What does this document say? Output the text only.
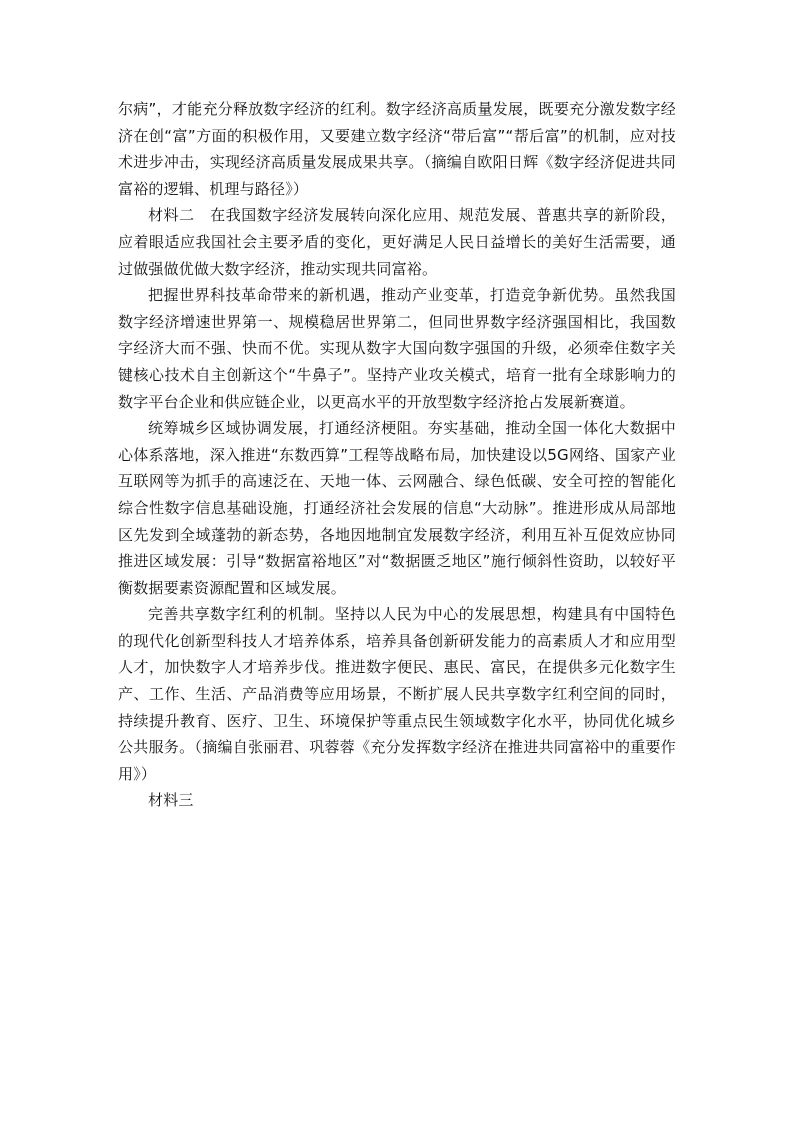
尔病”，才能充分释放数字经济的红利。数字经济高质量发展，既要充分激发数字经济在创“富”方面的积极作用，又要建立数字经济“带后富”“帮后富”的机制，应对技术进步冲击，实现经济高质量发展成果共享。（摘编自欧阳日辉《数字经济促进共同富裕的逻辑、机理与路径》）

材料二　在我国数字经济发展转向深化应用、规范发展、普惠共享的新阶段，应着眼适应我国社会主要矛盾的变化，更好满足人民日益增长的美好生活需要，通过做强做优做大数字经济，推动实现共同富裕。

把握世界科技革命带来的新机遇，推动产业变革，打造竞争新优势。虽然我国数字经济增速世界第一、规模稳居世界第二，但同世界数字经济强国相比，我国数字经济大而不强、快而不优。实现从数字大国向数字强国的升级，必须牵住数字关键核心技术自主创新这个“牛鼻子”。坚持产业攻关模式，培育一批有全球影响力的数字平台企业和供应链企业，以更高水平的开放型数字经济抢占发展新赛道。

统筹城乡区域协调发展，打通经济梗阻。夯实基础，推动全国一体化大数据中心体系落地，深入推进“东数西算”工程等战略布局，加快建设以5G网络、国家产业互联网等为抓手的高速泛在、天地一体、云网融合、绿色低碳、安全可控的智能化综合性数字信息基础设施，打通经济社会发展的信息“大动脉”。推进形成从局部地区先发到全域蓬勃的新态势，各地因地制宜发展数字经济，利用互补互促效应协同推进区域发展：引导“数据富裕地区”对“数据匮乏地区”施行倾斜性资助，以较好平衡数据要素资源配置和区域发展。

完善共享数字红利的机制。坚持以人民为中心的发展思想，构建具有中国特色的现代化创新型科技人才培养体系，培养具备创新研发能力的高素质人才和应用型人才，加快数字人才培养步伐。推进数字便民、惠民、富民，在提供多元化数字生产、工作、生活、产品消费等应用场景，不断扩展人民共享数字红利空间的同时，持续提升教育、医疗、卫生、环境保护等重点民生领域数字化水平，协同优化城乡公共服务。（摘编自张丽君、巩蓉蓉《充分发挥数字经济在推进共同富裕中的重要作用》）

材料三
